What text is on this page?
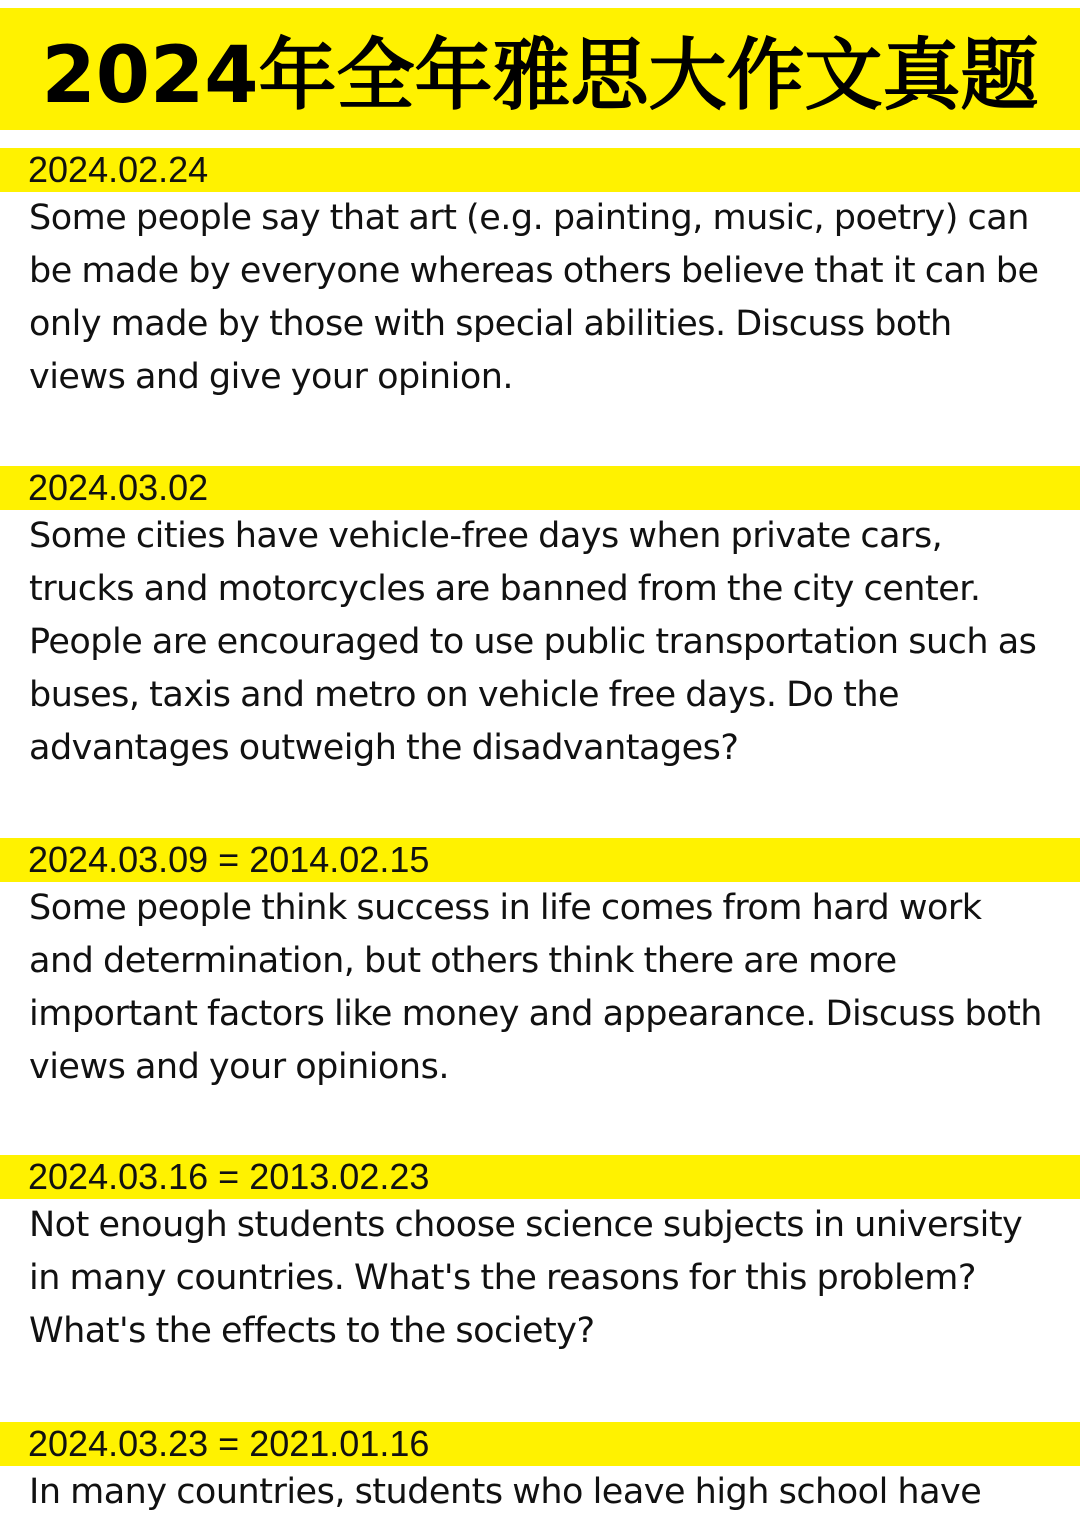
2024年全年雅思大作文真题
2024.02.24

Some people say that art (e.g. painting, music, poetry) can be made by everyone whereas others believe that it can be only made by those with special abilities. Discuss both views and give your opinion.

2024.03.02

Some cities have vehicle-free days when private cars, trucks and motorcycles are banned from the city center. People are encouraged to use public transportation such as buses, taxis and metro on vehicle free days. Do the advantages outweigh the disadvantages?

2024.03.09 = 2014.02.15

Some people think success in life comes from hard work and determination, but others think there are more important factors like money and appearance. Discuss both views and your opinions.

2024.03.16 = 2013.02.23

Not enough students choose science subjects in university in many countries. What's the reasons for this problem? What's the effects to the society?

2024.03.23 = 2021.01.16

In many countries, students who leave high school have
